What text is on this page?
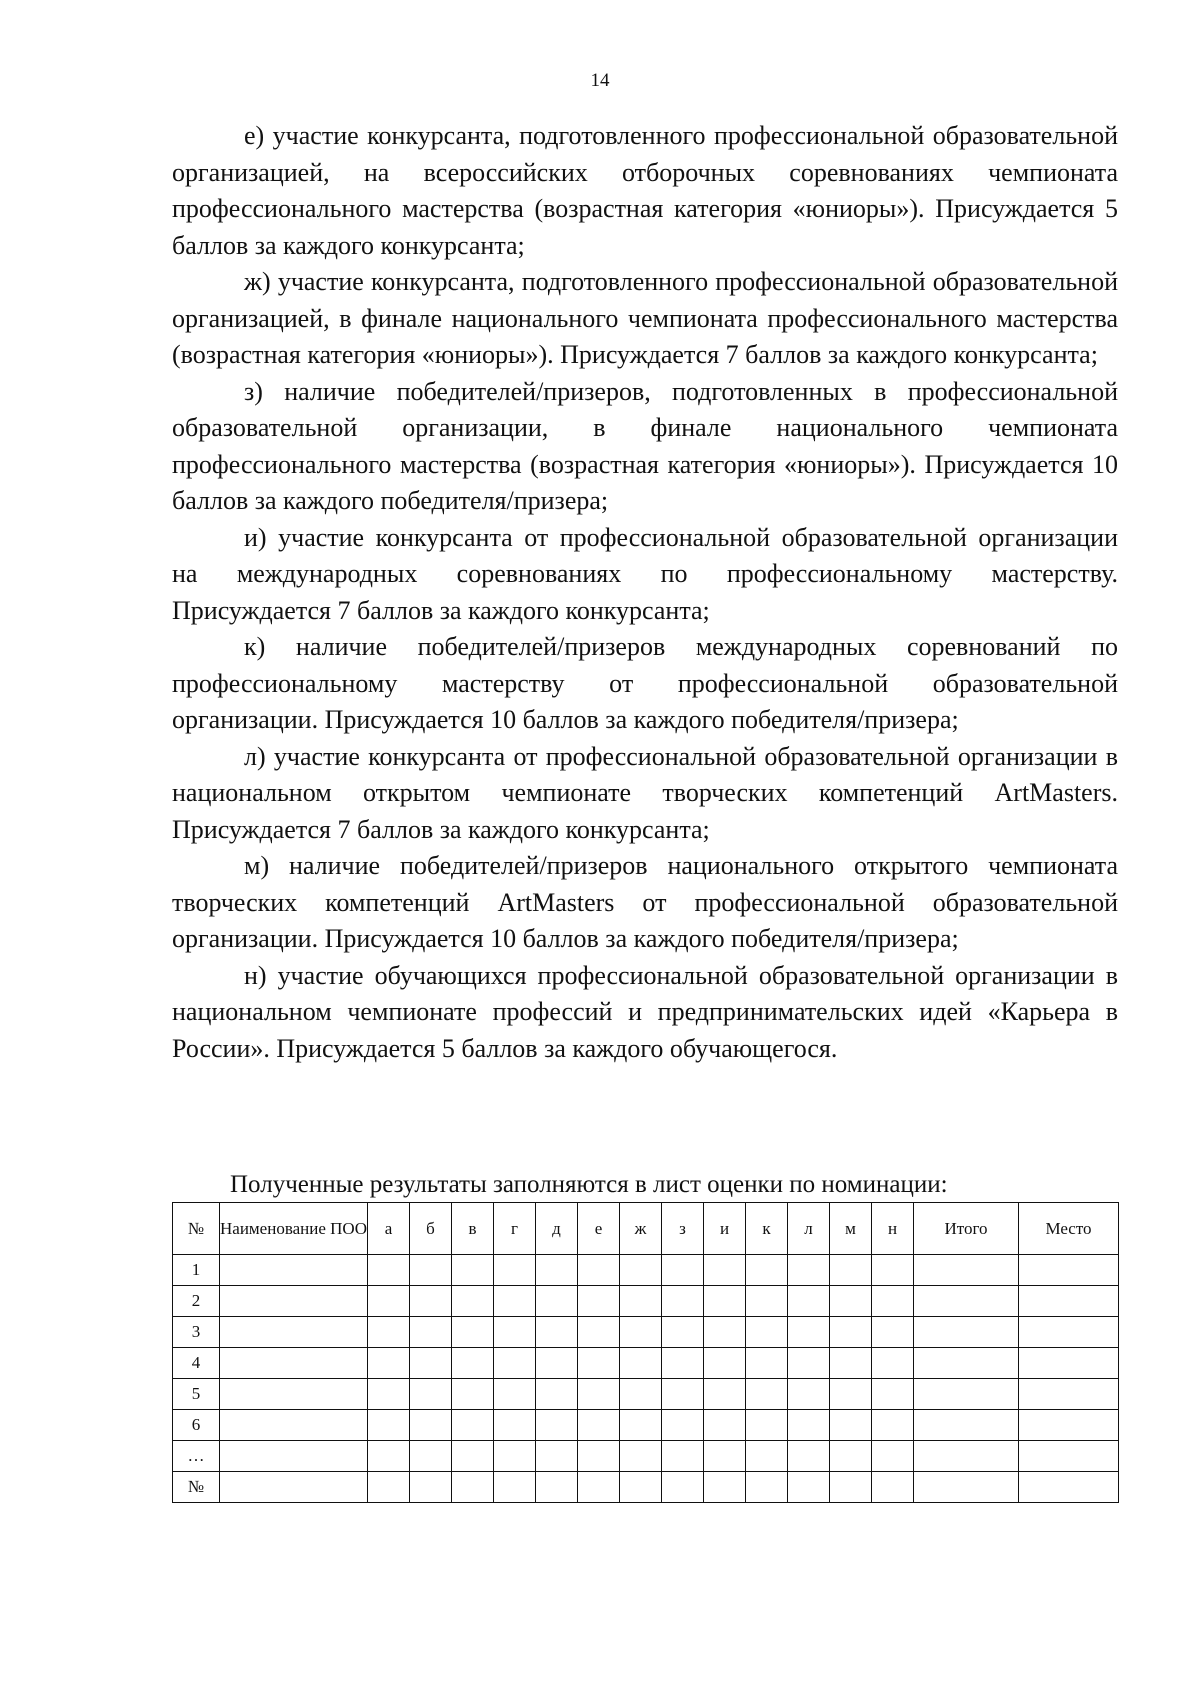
14

е) участие конкурсанта, подготовленного профессиональной образовательной организацией, на всероссийских отборочных соревнованиях чемпионата профессионального мастерства (возрастная категория «юниоры»). Присуждается 5 баллов за каждого конкурсанта;

ж) участие конкурсанта, подготовленного профессиональной образовательной организацией, в финале национального чемпионата профессионального мастерства (возрастная категория «юниоры»). Присуждается 7 баллов за каждого конкурсанта;

з) наличие победителей/призеров, подготовленных в профессиональной образовательной организации, в финале национального чемпионата профессионального мастерства (возрастная категория «юниоры»). Присуждается 10 баллов за каждого победителя/призера;

и) участие конкурсанта от профессиональной образовательной организации на международных соревнованиях по профессиональному мастерству. Присуждается 7 баллов за каждого конкурсанта;

к) наличие победителей/призеров международных соревнований по профессиональному мастерству от профессиональной образовательной организации. Присуждается 10 баллов за каждого победителя/призера;

л) участие конкурсанта от профессиональной образовательной организации в национальном открытом чемпионате творческих компетенций ArtMasters. Присуждается 7 баллов за каждого конкурсанта;

м) наличие победителей/призеров национального открытого чемпионата творческих компетенций ArtMasters от профессиональной образовательной организации. Присуждается 10 баллов за каждого победителя/призера;

н) участие обучающихся профессиональной образовательной организации в национальном чемпионате профессий и предпринимательских идей «Карьера в России». Присуждается 5 баллов за каждого обучающегося.

Полученные результаты заполняются в лист оценки по номинации:
№	Наименование ПОО	а	б	в	г	д	е	ж	з	и	к	л	м	н	Итого	Место
1																
2																
3																
4																
5																
6																
…																
№																
